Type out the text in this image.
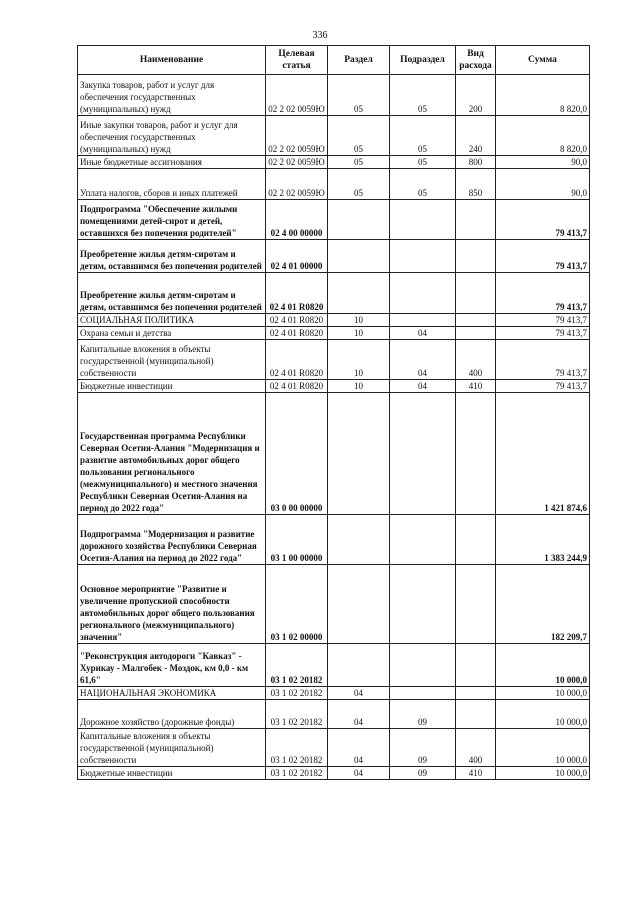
336
Наименование	Целевая статья	Раздел	Подраздел	Вид расхода	Сумма
Закупка товаров, работ и услуг для обеспечения государственных (муниципальных) нужд	02 2 02 0059Ю	05	05	200	8 820,0
Иные закупки товаров, работ и услуг для обеспечения государственных (муниципальных) нужд	02 2 02 0059Ю	05	05	240	8 820,0
Иные бюджетные ассигнования	02 2 02 0059Ю	05	05	800	90,0
Уплата налогов, сборов и иных платежей	02 2 02 0059Ю	05	05	850	90,0
Подпрограмма "Обеспечение жилыми помещениями детей-сирот и детей, оставшихся без попечения родителей"	02 4 00 00000				79 413,7
Преобретение жилья детям-сиротам и детям, оставшимся без попечения родителей	02 4 01 00000				79 413,7
Преобретение жилья детям-сиротам и детям, оставшимся без попечения родителей	02 4 01 R0820				79 413,7
СОЦИАЛЬНАЯ ПОЛИТИКА	02 4 01 R0820	10			79 413,7
Охрана семьи и детства	02 4 01 R0820	10	04		79 413,7
Капитальные вложения в объекты государственной (муниципальной) собственности	02 4 01 R0820	10	04	400	79 413,7
Бюджетные инвестиции	02 4 01 R0820	10	04	410	79 413,7
Государственная программа Республики Северная Осетия-Алания "Модернизация и развитие автомобильных дорог общего пользования регионального (межмуниципального) и местного значения Республики Северная Осетия-Алания на период до 2022 года"	03 0 00 00000				1 421 874,6
Подпрограмма "Модернизация и развитие дорожного хозяйства Республики Северная Осетия-Алания на период до 2022 года"	03 1 00 00000				1 383 244,9
Основное мероприятие "Развитие и увеличение пропускной способности автомобильных дорог общего пользования регионального (межмуниципального) значения"	03 1 02 00000				182 209,7
"Реконструкция автодороги "Кавказ" - Хурикау - Малгобек - Моздок, км 0,0 - км 61,6"	03 1 02 20182				10 000,0
НАЦИОНАЛЬНАЯ ЭКОНОМИКА	03 1 02 20182	04			10 000,0
Дорожное хозяйство (дорожные фонды)	03 1 02 20182	04	09		10 000,0
Капитальные вложения в объекты государственной (муниципальной) собственности	03 1 02 20182	04	09	400	10 000,0
Бюджетные инвестиции	03 1 02 20182	04	09	410	10 000,0
